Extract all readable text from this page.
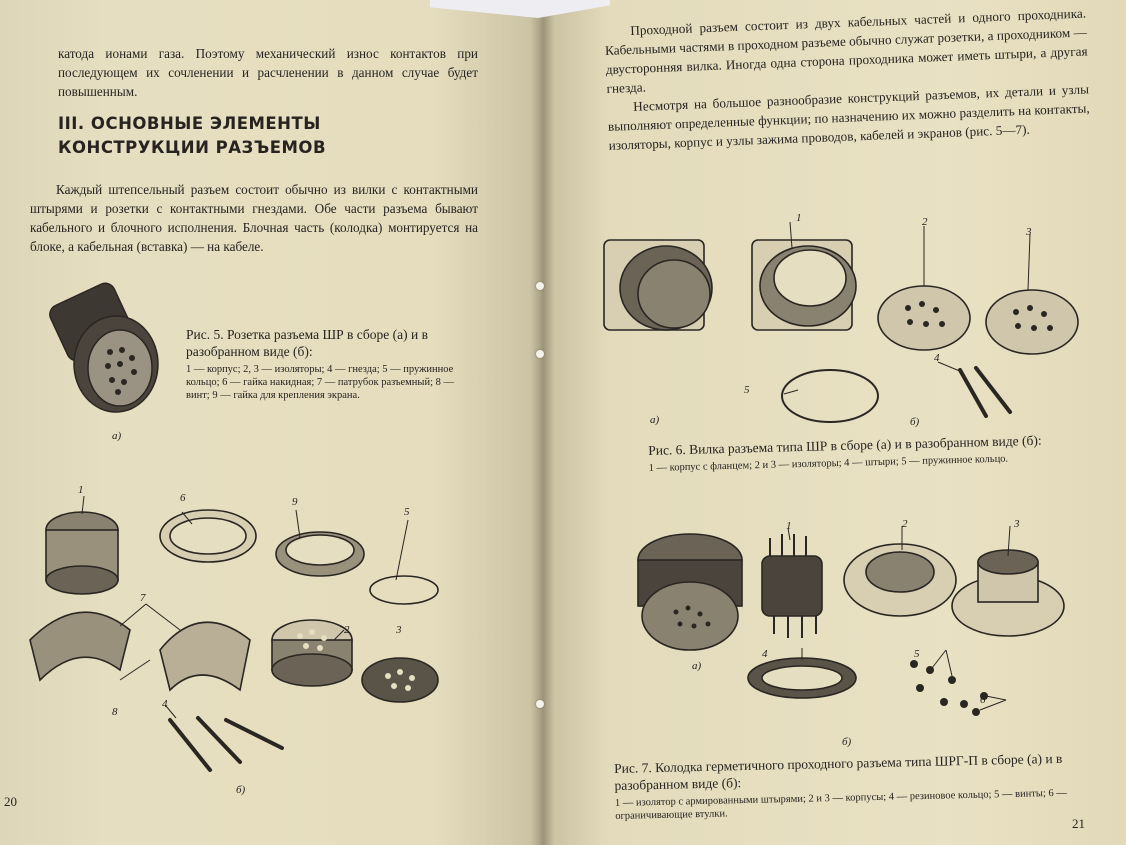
катода ионами газа. Поэтому механический износ контактов при последующем их сочленении и расчленении в данном случае будет повышенным.

III. ОСНОВНЫЕ ЭЛЕМЕНТЫ КОНСТРУКЦИИ РАЗЪЕМОВ

Каждый штепсельный разъем состоит обычно из вилки с контактными штырями и розетки с контактными гнездами. Обе части разъема бывают кабельного и блочного исполнения. Блочная часть (колодка) монтируется на блоке, а кабельная (вставка) — на кабеле.

а)
Рис. 5. Розетка разъема ШР в сборе (а) и в разобранном виде (б):
1 — корпус; 2, 3 — изоляторы; 4 — гнезда; 5 — пружинное кольцо; 6 — гайка накидная; 7 — патрубок разъемный; 8 — винт; 9 — гайка для крепления экрана.
1
6	9
5
7
2	3
8
4
б)
20

Проходной разъем состоит из двух кабельных частей и одного проходника. Кабельными частями в проходном разъеме обычно служат розетки, а проходником — двусторонняя вилка. Иногда одна сторона проходника может иметь штыри, а другая гнезда.

Несмотря на большое разнообразие конструкций разъемов, их детали и узлы выполняют определенные функции; по назначению их можно разделить на контакты, изоляторы, корпус и узлы зажима проводов, кабелей и экранов (рис. 5—7).

1	2
3
4
5
а)	б)
Рис. 6. Вилка разъема типа ШР в сборе (а) и в разобранном виде (б):
1 — корпус с фланцем; 2 и 3 — изоляторы; 4 — штыри; 5 — пружинное кольцо.
1	2	3
4	5
6
а)
б)
Рис. 7. Колодка герметичного проходного разъема типа ШРГ-П в сборе (а) и в разобранном виде (б):
1 — изолятор с армированными штырями; 2 и 3 — корпусы; 4 — резиновое кольцо; 5 — винты; 6 — ограничивающие втулки.
21
